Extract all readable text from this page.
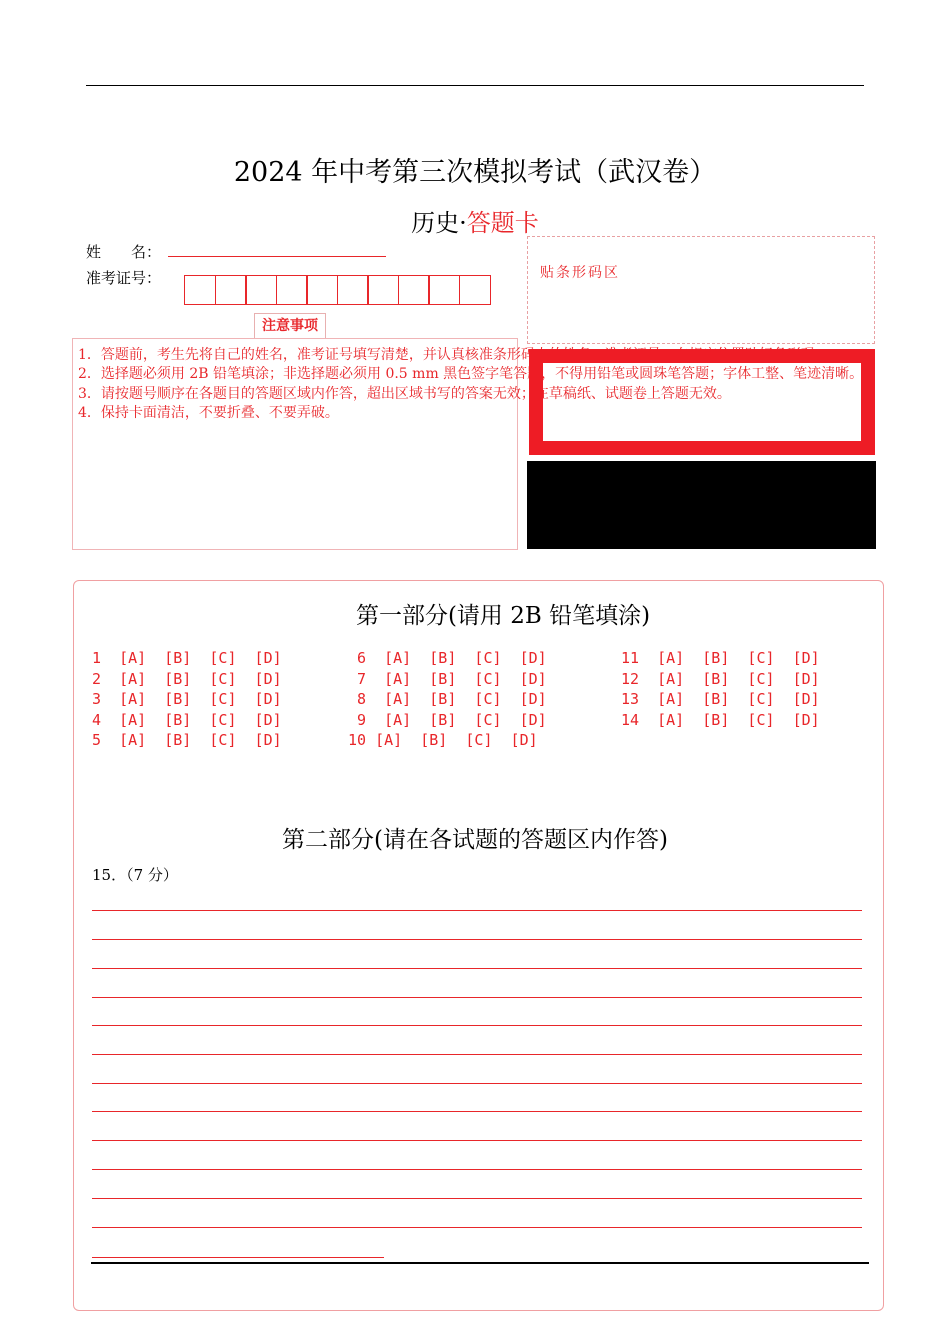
2024 年中考第三次模拟考试（武汉卷）
历史·答题卡
姓　　名：
准考证号：	贴条形码区
注意事项
1．答题前，考生先将自己的姓名，准考证号填写清楚，并认真核准条形码上的姓名、准考证号，在规定位置贴好条形码。
2．选择题必须用 2B 铅笔填涂；非选择题必须用 0.5 mm 黑色签字笔答题，不得用铅笔或圆珠笔答题；字体工整、笔迹清晰。
3．请按题号顺序在各题目的答题区域内作答，超出区域书写的答案无效；在草稿纸、试题卷上答题无效。
4．保持卡面清洁，不要折叠、不要弄破。
第一部分(请用 2B 铅笔填涂)
1  [A]  [B]  [C]  [D]
2  [A]  [B]  [C]  [D]
3  [A]  [B]  [C]  [D]
4  [A]  [B]  [C]  [D]
5  [A]  [B]  [C]  [D]
6  [A]  [B]  [C]  [D]
7  [A]  [B]  [C]  [D]
8  [A]  [B]  [C]  [D]
9  [A]  [B]  [C]  [D]
10 [A]  [B]  [C]  [D]
11  [A]  [B]  [C]  [D]
12  [A]  [B]  [C]  [D]
13  [A]  [B]  [C]  [D]
14  [A]  [B]  [C]  [D]
第二部分(请在各试题的答题区内作答)
15．（7 分）
